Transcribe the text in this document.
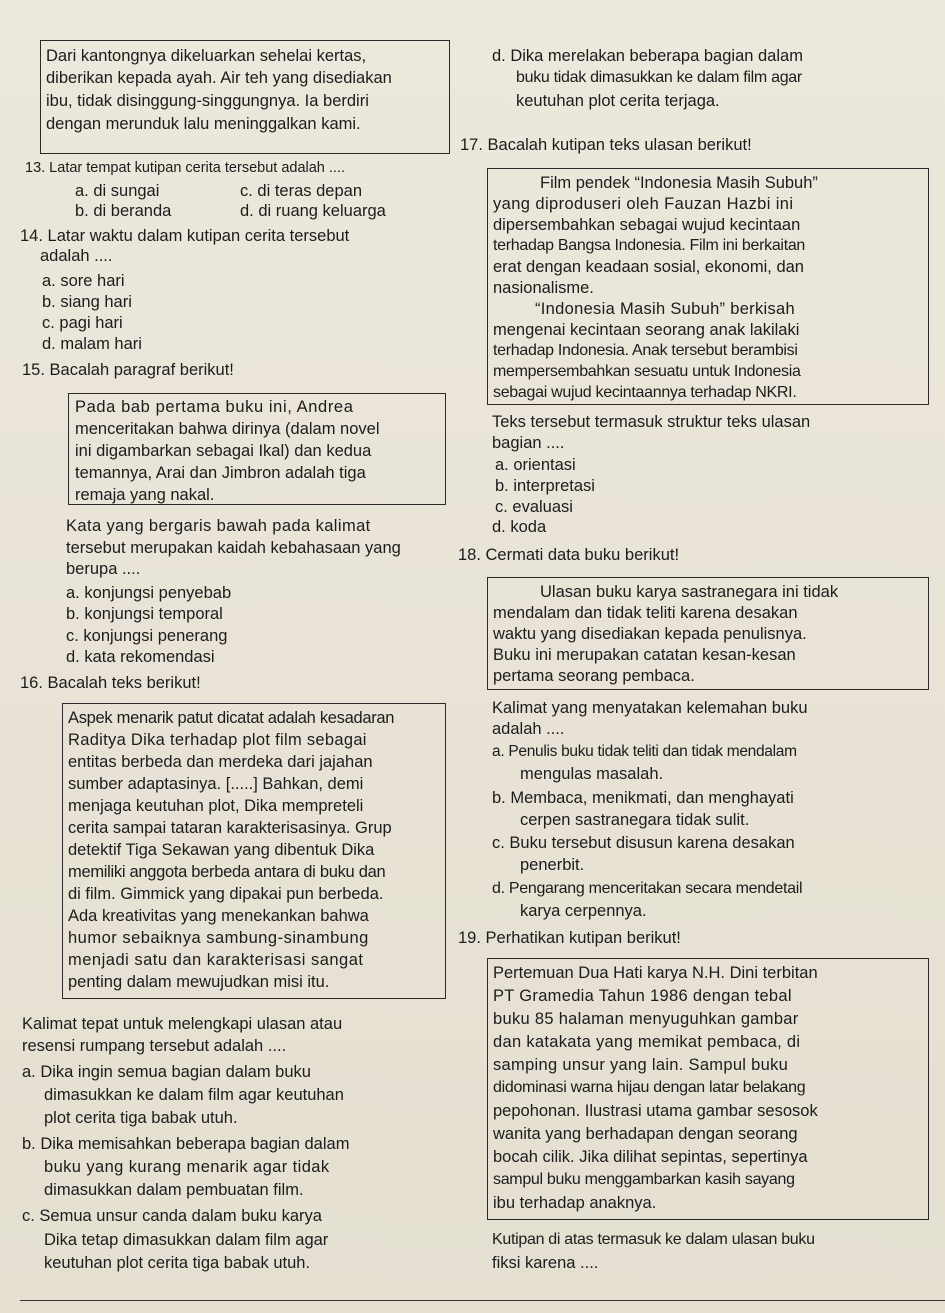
Dari kantongnya dikeluarkan sehelai kertas,
diberikan kepada ayah. Air teh yang disediakan
ibu, tidak disinggung-singgungnya. Ia berdiri
dengan merunduk lalu meninggalkan kami.
13. Latar tempat kutipan cerita tersebut adalah ....
a. di sungai	c. di teras depan
b. di beranda	d. di ruang keluarga
14. Latar waktu dalam kutipan cerita tersebut
adalah ....
a. sore hari
b. siang hari
c. pagi hari
d. malam hari
15. Bacalah paragraf berikut!
Pada bab pertama buku ini, Andrea
menceritakan bahwa dirinya (dalam novel
ini digambarkan sebagai Ikal) dan kedua
temannya, Arai dan Jimbron adalah tiga
remaja yang nakal.
Kata yang bergaris bawah pada kalimat
tersebut merupakan kaidah kebahasaan yang
berupa ....
a. konjungsi penyebab
b. konjungsi temporal
c. konjungsi penerang
d. kata rekomendasi
16. Bacalah teks berikut!
Aspek menarik patut dicatat adalah kesadaran
Raditya Dika terhadap plot film sebagai
entitas berbeda dan merdeka dari jajahan
sumber adaptasinya. [.....] Bahkan, demi
menjaga keutuhan plot, Dika mempreteli
cerita sampai tataran karakterisasinya. Grup
detektif Tiga Sekawan yang dibentuk Dika
memiliki anggota berbeda antara di buku dan
di film. Gimmick yang dipakai pun berbeda.
Ada kreativitas yang menekankan bahwa
humor sebaiknya sambung-sinambung
menjadi satu dan karakterisasi sangat
penting dalam mewujudkan misi itu.
Kalimat tepat untuk melengkapi ulasan atau
resensi rumpang tersebut adalah ....
a. Dika ingin semua bagian dalam buku
dimasukkan ke dalam film agar keutuhan
plot cerita tiga babak utuh.
b. Dika memisahkan beberapa bagian dalam
buku yang kurang menarik agar tidak
dimasukkan dalam pembuatan film.
c. Semua unsur canda dalam buku karya
Dika tetap dimasukkan dalam film agar
keutuhan plot cerita tiga babak utuh.
d. Dika merelakan beberapa bagian dalam
buku tidak dimasukkan ke dalam film agar
keutuhan plot cerita terjaga.
17. Bacalah kutipan teks ulasan berikut!
Film pendek “Indonesia Masih Subuh”
yang diproduseri oleh Fauzan Hazbi ini
dipersembahkan sebagai wujud kecintaan
terhadap Bangsa Indonesia. Film ini berkaitan
erat dengan keadaan sosial, ekonomi, dan
nasionalisme.
“Indonesia Masih Subuh” berkisah
mengenai kecintaan seorang anak lakilaki
terhadap Indonesia. Anak tersebut berambisi
mempersembahkan sesuatu untuk Indonesia
sebagai wujud kecintaannya terhadap NKRI.
Teks tersebut termasuk struktur teks ulasan
bagian ....
a. orientasi
b. interpretasi
c. evaluasi
d. koda
18. Cermati data buku berikut!
Ulasan buku karya sastranegara ini tidak
mendalam dan tidak teliti karena desakan
waktu yang disediakan kepada penulisnya.
Buku ini merupakan catatan kesan-kesan
pertama seorang pembaca.
Kalimat yang menyatakan kelemahan buku
adalah ....
a. Penulis buku tidak teliti dan tidak mendalam
mengulas masalah.
b. Membaca, menikmati, dan menghayati
cerpen sastranegara tidak sulit.
c. Buku tersebut disusun karena desakan
penerbit.
d. Pengarang menceritakan secara mendetail
karya cerpennya.
19. Perhatikan kutipan berikut!
Pertemuan Dua Hati karya N.H. Dini terbitan
PT Gramedia Tahun 1986 dengan tebal
buku 85 halaman menyuguhkan gambar
dan katakata yang memikat pembaca, di
samping unsur yang lain. Sampul buku
didominasi warna hijau dengan latar belakang
pepohonan. Ilustrasi utama gambar sesosok
wanita yang berhadapan dengan seorang
bocah cilik. Jika dilihat sepintas, sepertinya
sampul buku menggambarkan kasih sayang
ibu terhadap anaknya.
Kutipan di atas termasuk ke dalam ulasan buku
fiksi karena ....
